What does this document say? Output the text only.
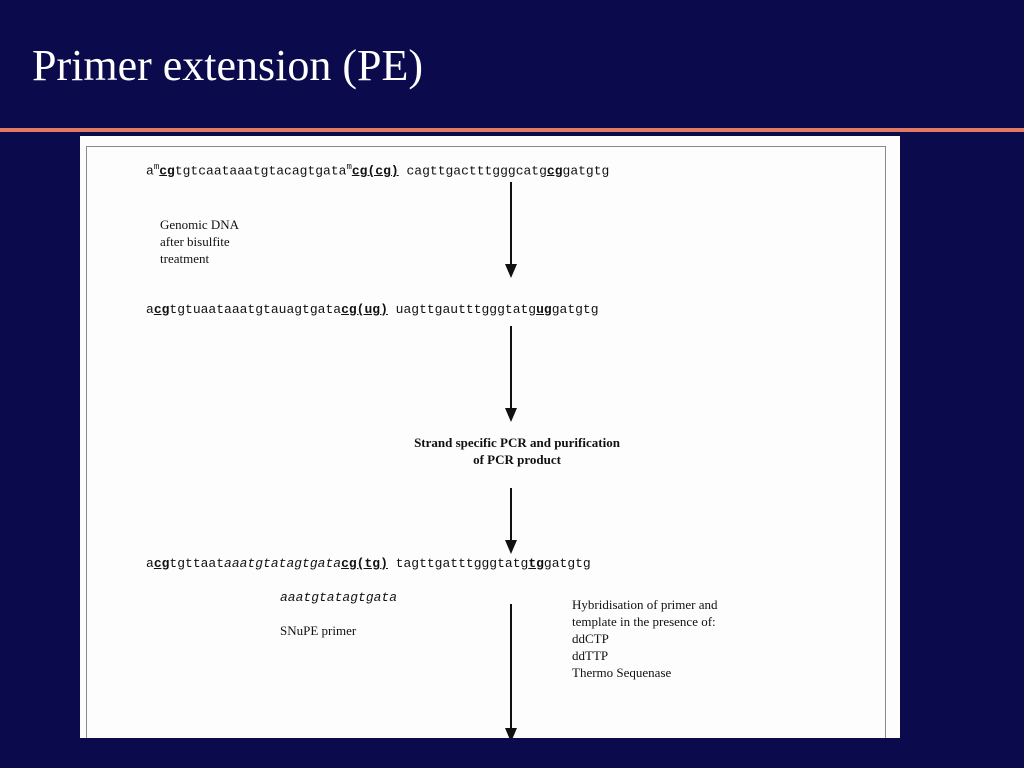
Primer extension (PE)
$a^mcgtgtcaataaatgtacagtgata^mcg(cg)$ cagttgactttgggcatgcggatgtg
Genomic DNA
after bisulfite
treatment
acgtgtuaataaatgtauagtgatacg(ug) uagttgautttgggtatguggatgtg
Strand specific PCR and purification
of PCR product
acgtgttaataaatgtatagtgatacg(tg) tagttgatttgggtatgtggatgtg
aaatgtatagtgata
SNuPE primer
Hybridisation of primer and
template in the presence of:
ddCTP
ddTTP
Thermo Sequenase
